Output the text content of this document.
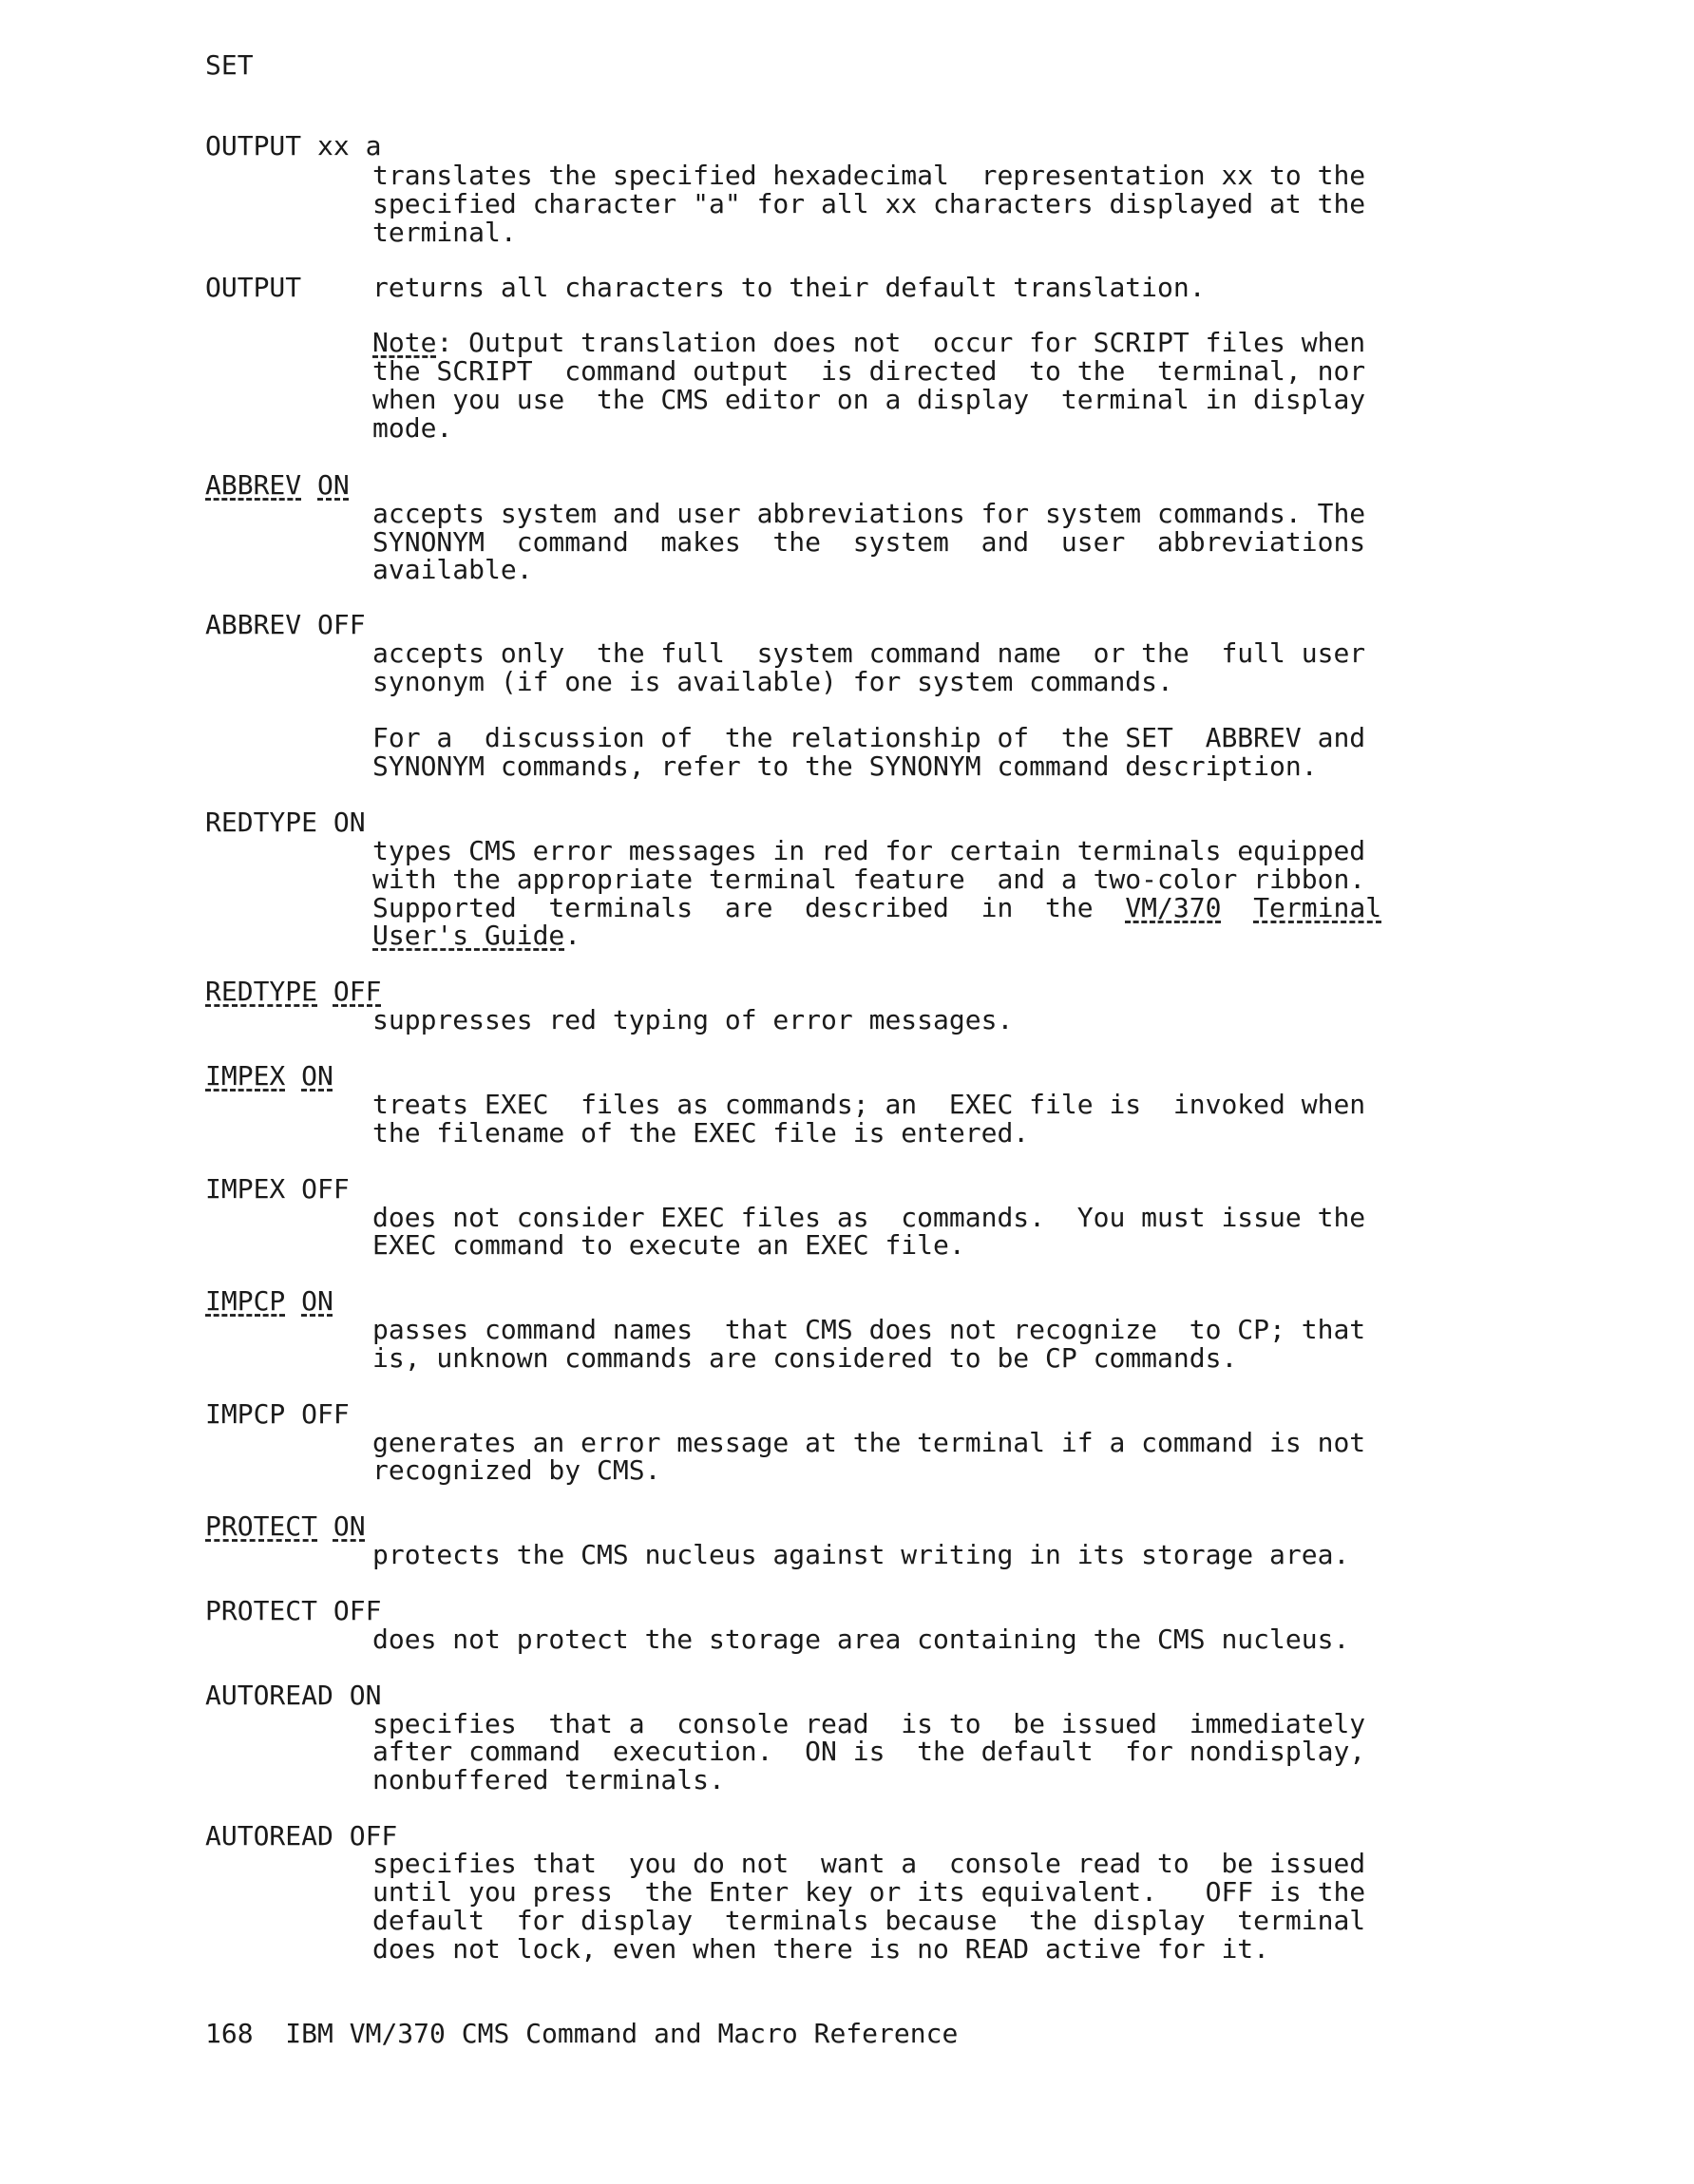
SET
OUTPUT xx a
translates the specified hexadecimal  representation xx to the
specified character "a" for all xx characters displayed at the
terminal.
OUTPUT	returns all characters to their default translation.
Note: Output translation does not  occur for SCRIPT files when
the SCRIPT  command output  is directed  to the  terminal, nor
when you use  the CMS editor on a display  terminal in display
mode.
ABBREV ON
accepts system and user abbreviations for system commands. The
SYNONYM  command  makes  the  system  and  user  abbreviations
available.
ABBREV OFF
accepts only  the full  system command name  or the  full user
synonym (if one is available) for system commands.
For a  discussion of  the relationship of  the SET  ABBREV and
SYNONYM commands, refer to the SYNONYM command description.
REDTYPE ON
types CMS error messages in red for certain terminals equipped
with the appropriate terminal feature  and a two-color ribbon.
Supported  terminals  are  described  in  the  VM/370 Terminal
User's Guide.
REDTYPE OFF
suppresses red typing of error messages.
IMPEX ON
treats EXEC  files as commands; an  EXEC file is  invoked when
the filename of the EXEC file is entered.
IMPEX OFF
does not consider EXEC files as  commands.  You must issue the
EXEC command to execute an EXEC file.
IMPCP ON
passes command names  that CMS does not recognize  to CP; that
is, unknown commands are considered to be CP commands.
IMPCP OFF
generates an error message at the terminal if a command is not
recognized by CMS.
PROTECT ON
protects the CMS nucleus against writing in its storage area.
PROTECT OFF
does not protect the storage area containing the CMS nucleus.
AUTOREAD ON
specifies  that a  console read  is to  be issued  immediately
after command  execution.  ON is  the default  for nondisplay,
nonbuffered terminals.
AUTOREAD OFF
specifies that  you do not  want a  console read to  be issued
until you press  the Enter key or its equivalent.   OFF is the
default  for display  terminals because  the display  terminal
does not lock, even when there is no READ active for it.
168 IBM VM/370 CMS Command and Macro Reference
